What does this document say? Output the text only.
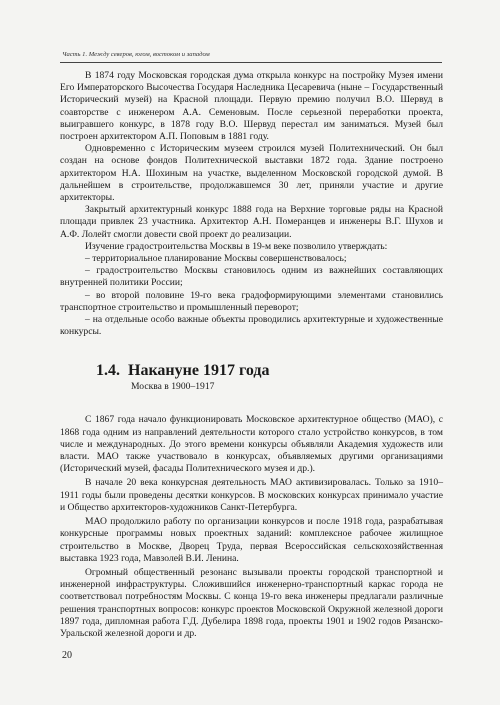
Часть 1. Между северов, югом, востоком и западом

В 1874 году Московская городская дума открыла конкурс на постройку Музея имени Его Императорского Высочества Государя Наследника Цесаревича (ныне – Государственный Исторический музей) на Красной площади. Первую премию получил В.О. Шервуд в соавторстве с инженером А.А. Семеновым. После серьезной переработки проекта, выигравшего конкурс, в 1878 году В.О. Шервуд перестал им заниматься. Музей был построен архитектором А.П. Поповым в 1881 году.

Одновременно с Историческим музеем строился музей Политехнический. Он был создан на основе фондов Политехнической выставки 1872 года. Здание построено архитектором Н.А. Шохиным на участке, выделенном Московской городской думой. В дальнейшем в строительстве, продолжавшемся 30 лет, приняли участие и другие архитекторы.

Закрытый архитектурный конкурс 1888 года на Верхние торговые ряды на Красной площади привлек 23 участника. Архитектор А.Н. Померанцев и инженеры В.Г. Шухов и А.Ф. Лолейт смогли довести свой проект до реализации.

Изучение градостроительства Москвы в 19-м веке позволило утверждать:

– территориальное планирование Москвы совершенствовалось;

– градостроительство Москвы становилось одним из важнейших составляющих внутренней политики России;

– во второй половине 19-го века градоформирующими элементами становились транспортное строительство и промышленный переворот;

– на отдельные особо важные объекты проводились архитектурные и художественные конкурсы.

1.4. Накануне 1917 года
Москва в 1900–1917

С 1867 года начало функционировать Московское архитектурное общество (МАО), с 1868 года одним из направлений деятельности которого стало устройство конкурсов, в том числе и международных. До этого времени конкурсы объявляли Академия художеств или власти. МАО также участвовало в конкурсах, объявляемых другими организациями (Исторический музей, фасады Политехнического музея и др.).

В начале 20 века конкурсная деятельность МАО активизировалась. Только за 1910–1911 годы были проведены десятки конкурсов. В московских конкурсах принимало участие и Общество архитекторов-художников Санкт-Петербурга.

МАО продолжило работу по организации конкурсов и после 1918 года, разрабатывая конкурсные программы новых проектных заданий: комплексное рабочее жилищное строительство в Москве, Дворец Труда, первая Всероссийская сельскохозяйственная выставка 1923 года, Мавзолей В.И. Ленина.

Огромный общественный резонанс вызывали проекты городской транспортной и инженерной инфраструктуры. Сложившийся инженерно-транспортный каркас города не соответствовал потребностям Москвы. С конца 19-го века инженеры предлагали различные решения транспортных вопросов: конкурс проектов Московской Окружной железной дороги 1897 года, дипломная работа Г.Д. Дубелира 1898 года, проекты 1901 и 1902 годов Рязанско-Уральской железной дороги и др.

20
